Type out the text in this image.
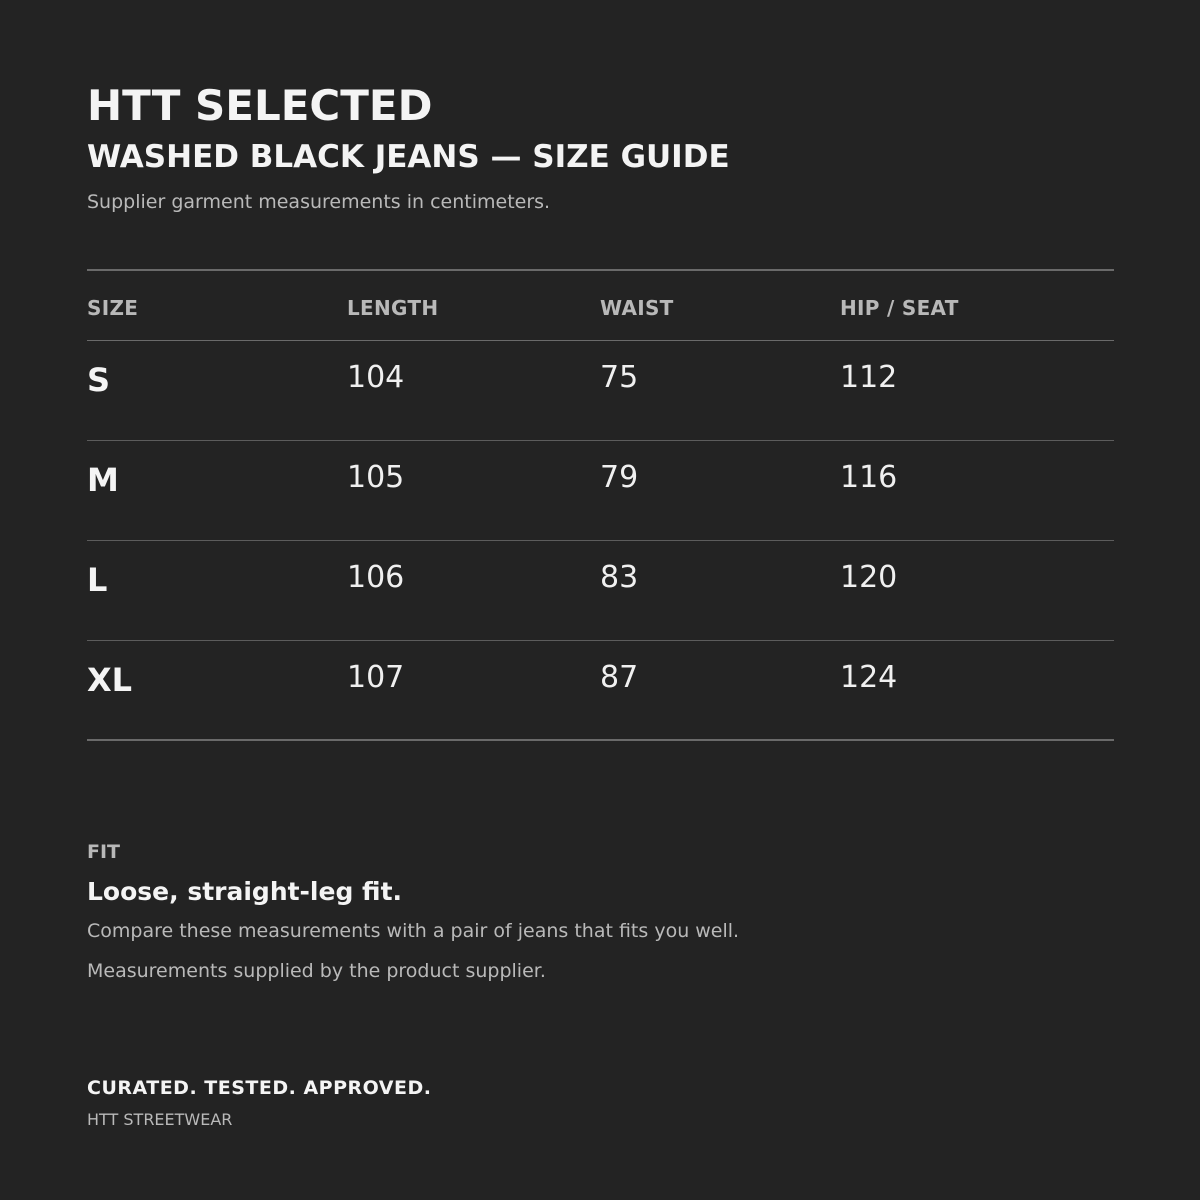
HTT SELECTED
WASHED BLACK JEANS — SIZE GUIDE

Supplier garment measurements in centimeters.

SIZE	LENGTH	WAIST	HIP / SEAT
S	104	75	112
M	105	79	116
L	106	83	120
XL	107	87	124

FIT

Loose, straight-leg fit.

Compare these measurements with a pair of jeans that fits you well.

Measurements supplied by the product supplier.

CURATED. TESTED. APPROVED.

HTT STREETWEAR
